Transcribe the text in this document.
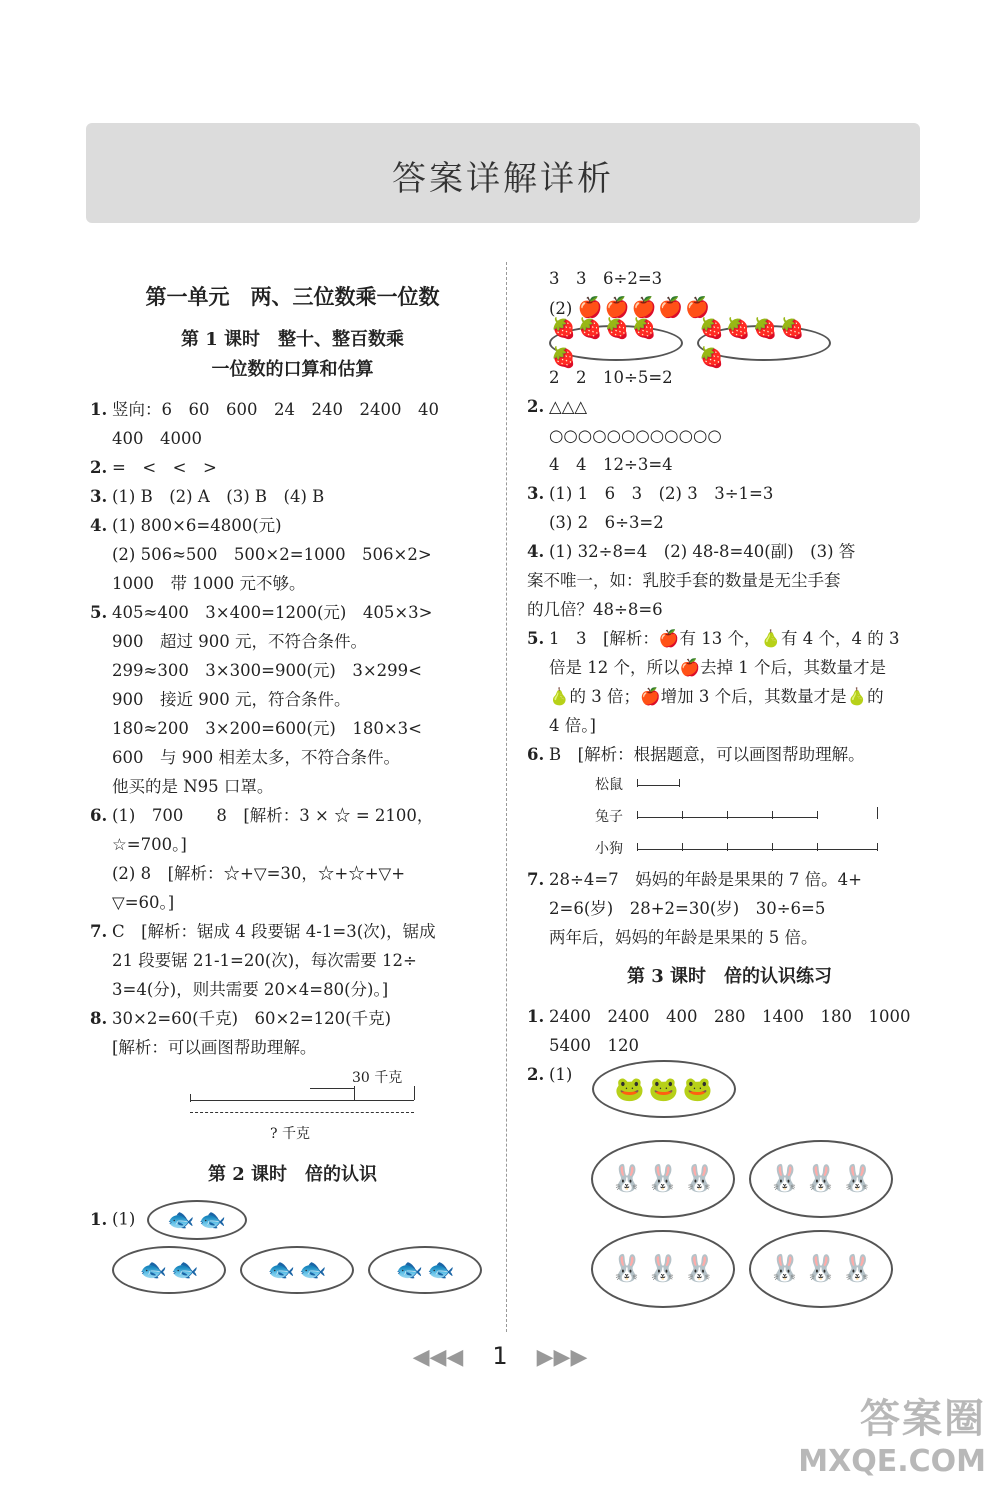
答案详解详析
第一单元　两、三位数乘一位数
第 1 课时　整十、整百数乘
一位数的口算和估算
1. 竖向：6　60　600　24　240　2400　40
400　4000
2. =　<　<　>
3. (1) B　(2) A　(3) B　(4) B
4. (1) 800×6=4800(元)
(2) 506≈500　500×2=1000　506×2>
1000　带 1000 元不够。
5. 405≈400　3×400=1200(元)　405×3>
900　超过 900 元，不符合条件。
299≈300　3×300=900(元)　3×299<
900　接近 900 元，符合条件。
180≈200　3×200=600(元)　180×3<
600　与 900 相差太多，不符合条件。
他买的是 N95 口罩。
6. (1)　700　　8　[解析：3 × ☆ = 2100，
☆=700。]
(2) 8　[解析：☆+▽=30，☆+☆+▽+
▽=60。]
7. C　[解析：锯成 4 段要锯 4-1=3(次)，锯成
21 段要锯 21-1=20(次)，每次需要 12÷
3=4(分)，则共需要 20×4=80(分)。]
8. 30×2=60(千克)　60×2=120(千克)
[解析：可以画图帮助理解。
30 千克
? 千克
第 2 课时　倍的认识
1. (1) 🐟 🐟
🐟 🐟	🐟 🐟	🐟 🐟
3　3　6÷2=3
(2) 🍎🍎🍎🍎🍎
🍓🍓🍓🍓🍓
🍓🍓🍓🍓🍓
2　2　10÷5=2
2. △△△
○○○○○○○○○○○○
4　4　12÷3=4
3. (1) 1　6　3　(2) 3　3÷1=3
(3) 2　6÷3=2
4. (1) 32÷8=4　(2) 48-8=40(副)　(3) 答
案不唯一，如：乳胶手套的数量是无尘手套
的几倍？48÷8=6
5. 1　3　[解析：🍎有 13 个，🍐有 4 个，4 的 3
倍是 12 个，所以🍎去掉 1 个后，其数量才是
🍐的 3 倍；🍎增加 3 个后，其数量才是🍐的
4 倍。]
6. B　[解析：根据题意，可以画图帮助理解。
松鼠
兔子
小狗
7. 28÷4=7　妈妈的年龄是果果的 7 倍。4+
2=6(岁)　28+2=30(岁)　30÷6=5
两年后，妈妈的年龄是果果的 5 倍。
第 3 课时　倍的认识练习
1. 2400　2400　400　280　1400　180　1000
5400　120
2. (1) 🐸 🐸 🐸
🐰 🐰 🐰 🐰 🐰 🐰
🐰 🐰 🐰 🐰 🐰 🐰
◀◀◀ 1 ▶▶▶
答案圈
MXQE.COM
